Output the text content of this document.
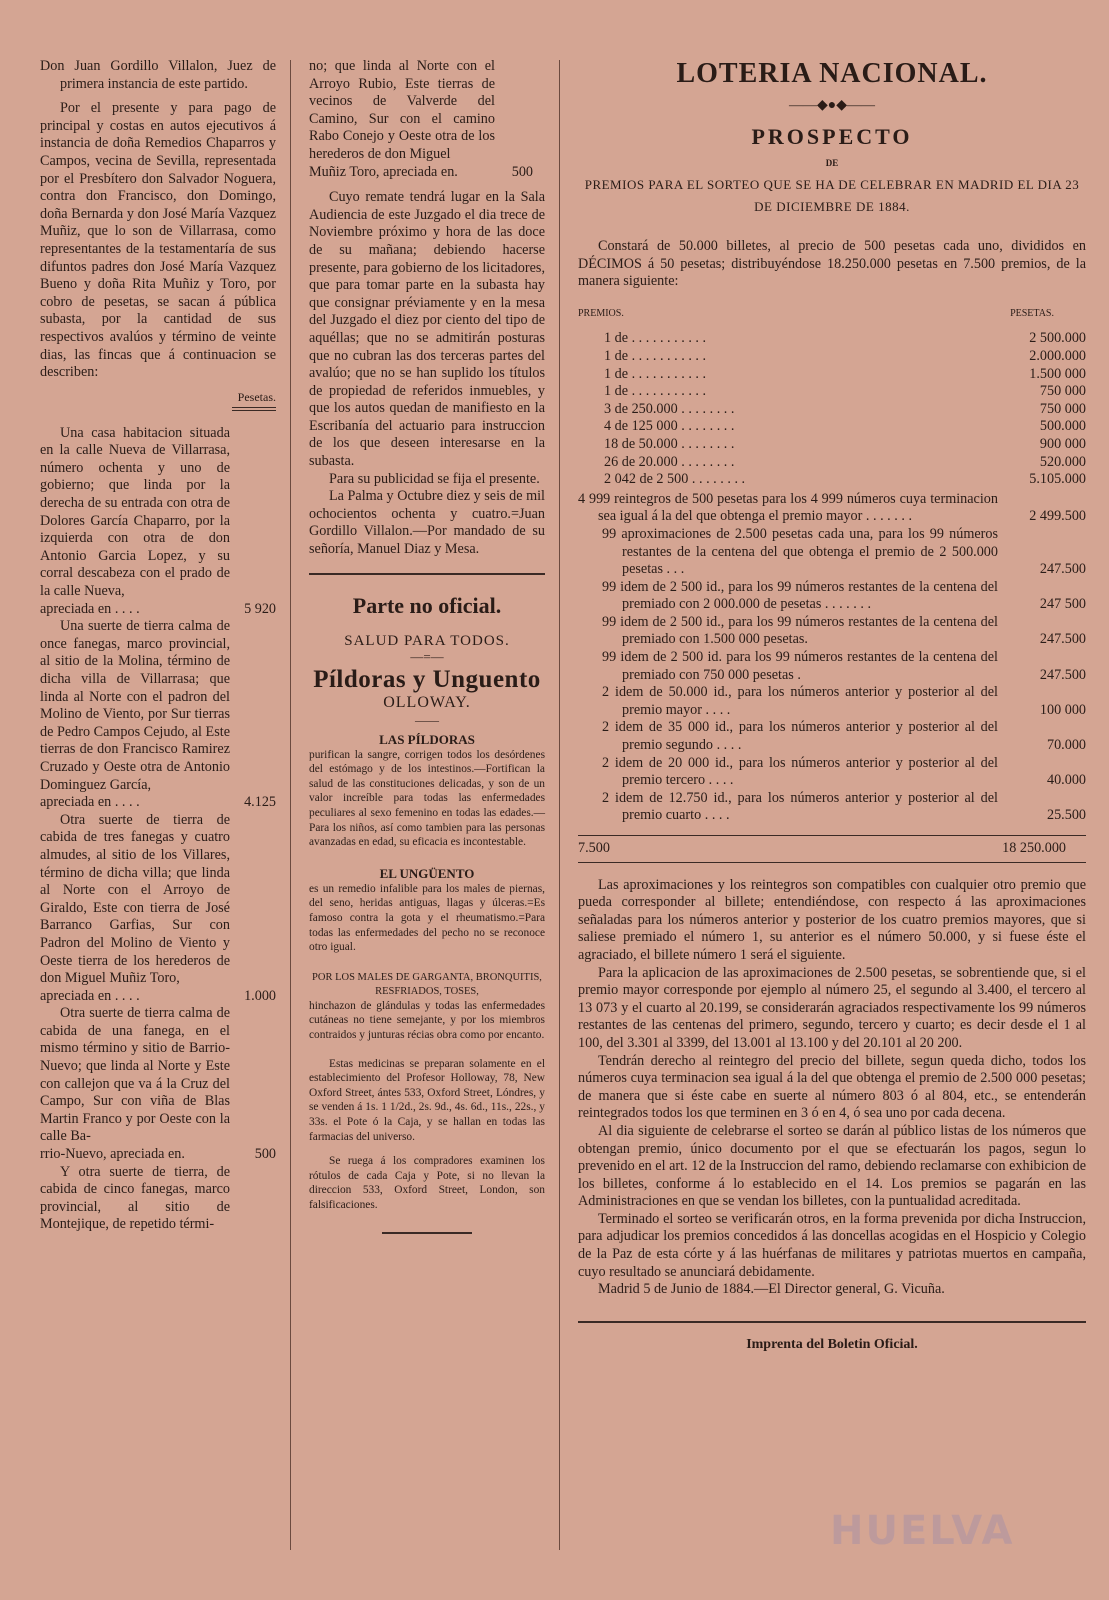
Don Juan Gordillo Villalon, Juez de primera instancia de este partido.

Por el presente y para pago de principal y costas en autos ejecutivos á instancia de doña Remedios Chaparros y Campos, vecina de Sevilla, representada por el Presbítero don Salvador Noguera, contra don Francisco, don Domingo, doña Bernarda y don José María Vazquez Muñiz, que lo son de Villarrasa, como representantes de la testamentaría de sus difuntos padres don José María Vazquez Bueno y doña Rita Muñiz y Toro, por cobro de pesetas, se sacan á pública subasta, por la cantidad de sus respectivos avalúos y término de veinte dias, las fincas que á continuacion se describen:

Pesetas.

Una casa habitacion situada en la calle Nueva de Villarrasa, número ochenta y uno de gobierno; que linda por la derecha de su entrada con otra de Dolores García Chaparro, por la izquierda con otra de don Antonio Garcia Lopez, y su corral descabeza con el prado de la calle Nueva,

apreciada en . . . .	5 920

Una suerte de tierra calma de once fanegas, marco provincial, al sitio de la Molina, término de dicha villa de Villarrasa; que linda al Norte con el padron del Molino de Viento, por Sur tierras de Pedro Campos Cejudo, al Este tierras de don Francisco Ramirez Cruzado y Oeste otra de Antonio Dominguez García,

apreciada en . . . .	4.125

Otra suerte de tierra de cabida de tres fanegas y cuatro almudes, al sitio de los Villares, término de dicha villa; que linda al Norte con el Arroyo de Giraldo, Este con tierra de José Barranco Garfias, Sur con Padron del Molino de Viento y Oeste tierra de los herederos de don Miguel Muñiz Toro,

apreciada en . . . .	1.000

Otra suerte de tierra calma de cabida de una fanega, en el mismo término y sitio de Barrio-Nuevo; que linda al Norte y Este con callejon que va á la Cruz del Campo, Sur con viña de Blas Martin Franco y por Oeste con la calle Ba-

rrio-Nuevo, apreciada en.	500

Y otra suerte de tierra, de cabida de cinco fanegas, marco provincial, al sitio de Montejique, de repetido térmi-

no; que linda al Norte con el Arroyo Rubio, Este tierras de vecinos de Valverde del Camino, Sur con el camino Rabo Conejo y Oeste otra de los herederos de don Miguel

Muñiz Toro, apreciada en.	500

Cuyo remate tendrá lugar en la Sala Audiencia de este Juzgado el dia trece de Noviembre próximo y hora de las doce de su mañana; debiendo hacerse presente, para gobierno de los licitadores, que para tomar parte en la subasta hay que consignar préviamente y en la mesa del Juzgado el diez por ciento del tipo de aquéllas; que no se admitirán posturas que no cubran las dos terceras partes del avalúo; que no se han suplido los títulos de propiedad de referidos inmuebles, y que los autos quedan de manifiesto en la Escribanía del actuario para instruccion de los que deseen interesarse en la subasta.

Para su publicidad se fija el presente.

La Palma y Octubre diez y seis de mil ochocientos ochenta y cuatro.=Juan Gordillo Villalon.—Por mandado de su señoría, Manuel Diaz y Mesa.

Parte no oficial.
SALUD PARA TODOS.
—=—
Píldoras y Unguento
OLLOWAY.
——
LAS PÍLDORAS

purifican la sangre, corrigen todos los desórdenes del estómago y de los intestinos.—Fortifican la salud de las constituciones delicadas, y son de un valor increíble para todas las enfermedades peculiares al sexo femenino en todas las edades.—Para los niños, así como tambien para las personas avanzadas en edad, su eficacia es incontestable.

EL UNGÜENTO

es un remedio infalible para los males de piernas, del seno, heridas antiguas, llagas y úlceras.=Es famoso contra la gota y el rheumatismo.=Para todas las enfermedades del pecho no se reconoce otro igual.

POR LOS MALES DE GARGANTA, BRONQUITIS, RESFRIADOS, TOSES,

hinchazon de glándulas y todas las enfermedades cutáneas no tiene semejante, y por los miembros contraidos y junturas récias obra como por encanto.

Estas medicinas se preparan solamente en el establecimiento del Profesor Holloway, 78, New Oxford Street, ántes 533, Oxford Street, Lóndres, y se venden á 1s. 1 1/2d., 2s. 9d., 4s. 6d., 11s., 22s., y 33s. el Pote ó la Caja, y se hallan en todas las farmacias del universo.

Se ruega á los compradores examinen los rótulos de cada Caja y Pote, si no llevan la direccion 533, Oxford Street, London, son falsificaciones.

LOTERIA NACIONAL.
——◆●◆——
PROSPECTO
DE
PREMIOS PARA EL SORTEO QUE SE HA DE CELEBRAR EN MADRID EL DIA 23 DE DICIEMBRE DE 1884.

Constará de 50.000 billetes, al precio de 500 pesetas cada uno, divididos en DÉCIMOS á 50 pesetas; distribuyéndose 18.250.000 pesetas en 7.500 premios, de la manera siguiente:

PREMIOS.	PESETAS.
1 de . . . . . . . . . . .	2 500.000
1 de . . . . . . . . . . .	2.000.000
1 de . . . . . . . . . . .	1.500 000
1 de . . . . . . . . . . .	750 000
3 de 250.000 . . . . . . . .	750 000
4 de 125 000 . . . . . . . .	500.000
18 de 50.000 . . . . . . . .	900 000
26 de 20.000 . . . . . . . .	520.000
2 042 de 2 500 . . . . . . . .	5.105.000

4 999 reintegros de 500 pesetas para los 4 999 números cuya terminacion sea igual á la del que obtenga el premio mayor . . . . . . .	2 499.500

99 aproximaciones de 2.500 pesetas cada una, para los 99 números restantes de la centena del que obtenga el premio de 2 500.000 pesetas . . .	247.500

99 idem de 2 500 id., para los 99 números restantes de la centena del premiado con 2 000.000 de pesetas . . . . . . .	247 500

99 idem de 2 500 id., para los 99 números restantes de la centena del premiado con 1.500 000 pesetas.	247.500

99 idem de 2 500 id. para los 99 números restantes de la centena del premiado con 750 000 pesetas .	247.500

2 idem de 50.000 id., para los números anterior y posterior al del premio mayor . . . .	100 000

2 idem de 35 000 id., para los números anterior y posterior al del premio segundo . . . .	70.000

2 idem de 20 000 id., para los números anterior y posterior al del premio tercero . . . .	40.000

2 idem de 12.750 id., para los números anterior y posterior al del premio cuarto . . . .	25.500
7.500	18 250.000

Las aproximaciones y los reintegros son compatibles con cualquier otro premio que pueda corresponder al billete; entendiéndose, con respecto á las aproximaciones señaladas para los números anterior y posterior de los cuatro premios mayores, que si saliese premiado el número 1, su anterior es el número 50.000, y si fuese éste el agraciado, el billete número 1 será el siguiente.

Para la aplicacion de las aproximaciones de 2.500 pesetas, se sobrentiende que, si el premio mayor corresponde por ejemplo al número 25, el segundo al 3.400, el tercero al 13 073 y el cuarto al 20.199, se considerarán agraciados respectivamente los 99 números restantes de las centenas del primero, segundo, tercero y cuarto; es decir desde el 1 al 100, del 3.301 al 3399, del 13.001 al 13.100 y del 20.101 al 20 200.

Tendrán derecho al reintegro del precio del billete, segun queda dicho, todos los números cuya terminacion sea igual á la del que obtenga el premio de 2.500 000 pesetas; de manera que si éste cabe en suerte al número 803 ó al 804, etc., se entenderán reintegrados todos los que terminen en 3 ó en 4, ó sea uno por cada decena.

Al dia siguiente de celebrarse el sorteo se darán al público listas de los números que obtengan premio, único documento por el que se efectuarán los pagos, segun lo prevenido en el art. 12 de la Instruccion del ramo, debiendo reclamarse con exhibicion de los billetes, conforme á lo establecido en el 14. Los premios se pagarán en las Administraciones en que se vendan los billetes, con la puntualidad acreditada.

Terminado el sorteo se verificarán otros, en la forma prevenida por dicha Instruccion, para adjudicar los premios concedidos á las doncellas acogidas en el Hospicio y Colegio de la Paz de esta córte y á las huérfanas de militares y patriotas muertos en campaña, cuyo resultado se anunciará debidamente.

Madrid 5 de Junio de 1884.—El Director general, G. Vicuña.

Imprenta del Boletin Oficial.
HUELVA
